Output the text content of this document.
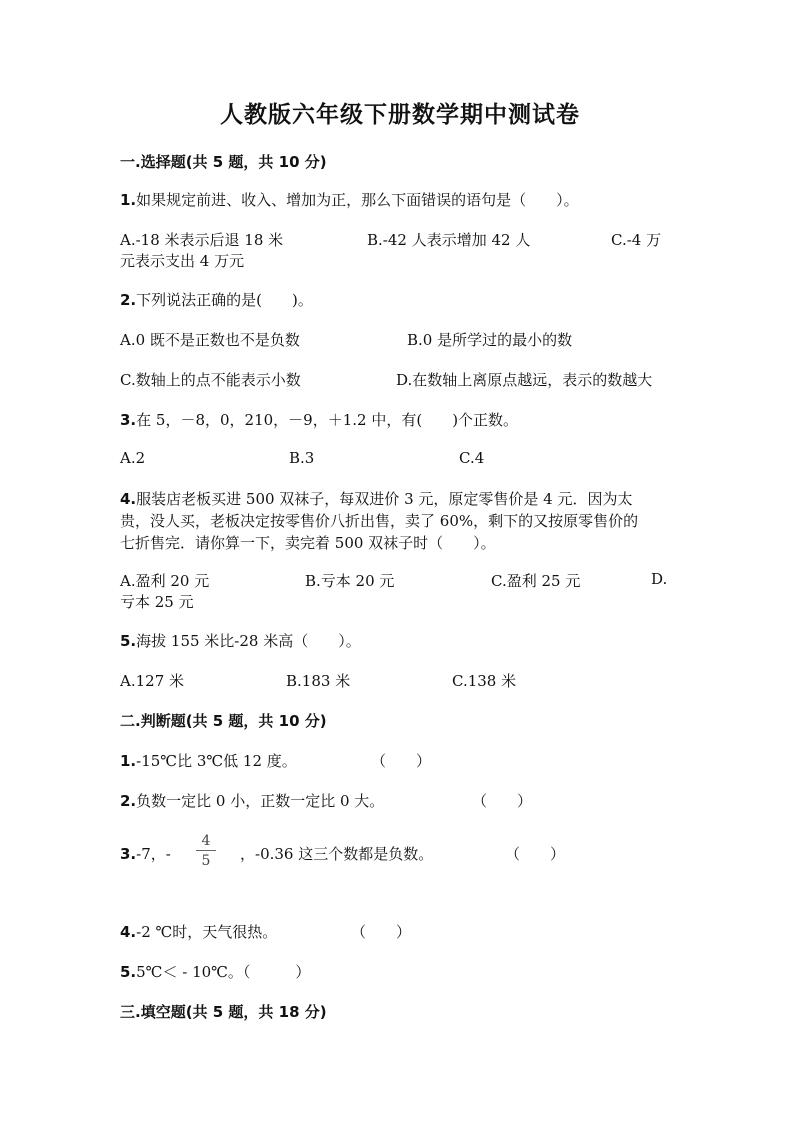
人教版六年级下册数学期中测试卷
一.选择题(共 5 题，共 10 分)
1.如果规定前进、收入、增加为正，那么下面错误的语句是（　　）。
A.-18 米表示后退 18 米	B.-42 人表示增加 42 人	C.-4 万
元表示支出 4 万元
2.下列说法正确的是(　　)。
A.0 既不是正数也不是负数	B.0 是所学过的最小的数
C.数轴上的点不能表示小数	D.在数轴上离原点越远，表示的数越大
3.在 5，－8，0，210，－9，＋1.2 中，有(　　)个正数。
A.2	B.3	C.4
4.服装店老板买进 500 双袜子，每双进价 3 元，原定零售价是 4 元．因为太
贵，没人买，老板决定按零售价八折出售，卖了 60%，剩下的又按原零售价的
七折售完．请你算一下，卖完着 500 双袜子时（　　）。
A.盈利 20 元	B.亏本 20 元	C.盈利 25 元	D.
亏本 25 元
5.海拔 155 米比-28 米高（　　）。
A.127 米	B.183 米	C.138 米
二.判断题(共 5 题，共 10 分)
1.-15℃比 3℃低 12 度。	（　　）
2.负数一定比 0 小，正数一定比 0 大。	（　　）
3.-7，- $\frac{4}{5}$ ，-0.36 这三个数都是负数。	（　　）
4.-2 ℃时，天气很热。	（　　）
5.5℃＜ - 10℃。（　　　）
三.填空题(共 5 题，共 18 分)
